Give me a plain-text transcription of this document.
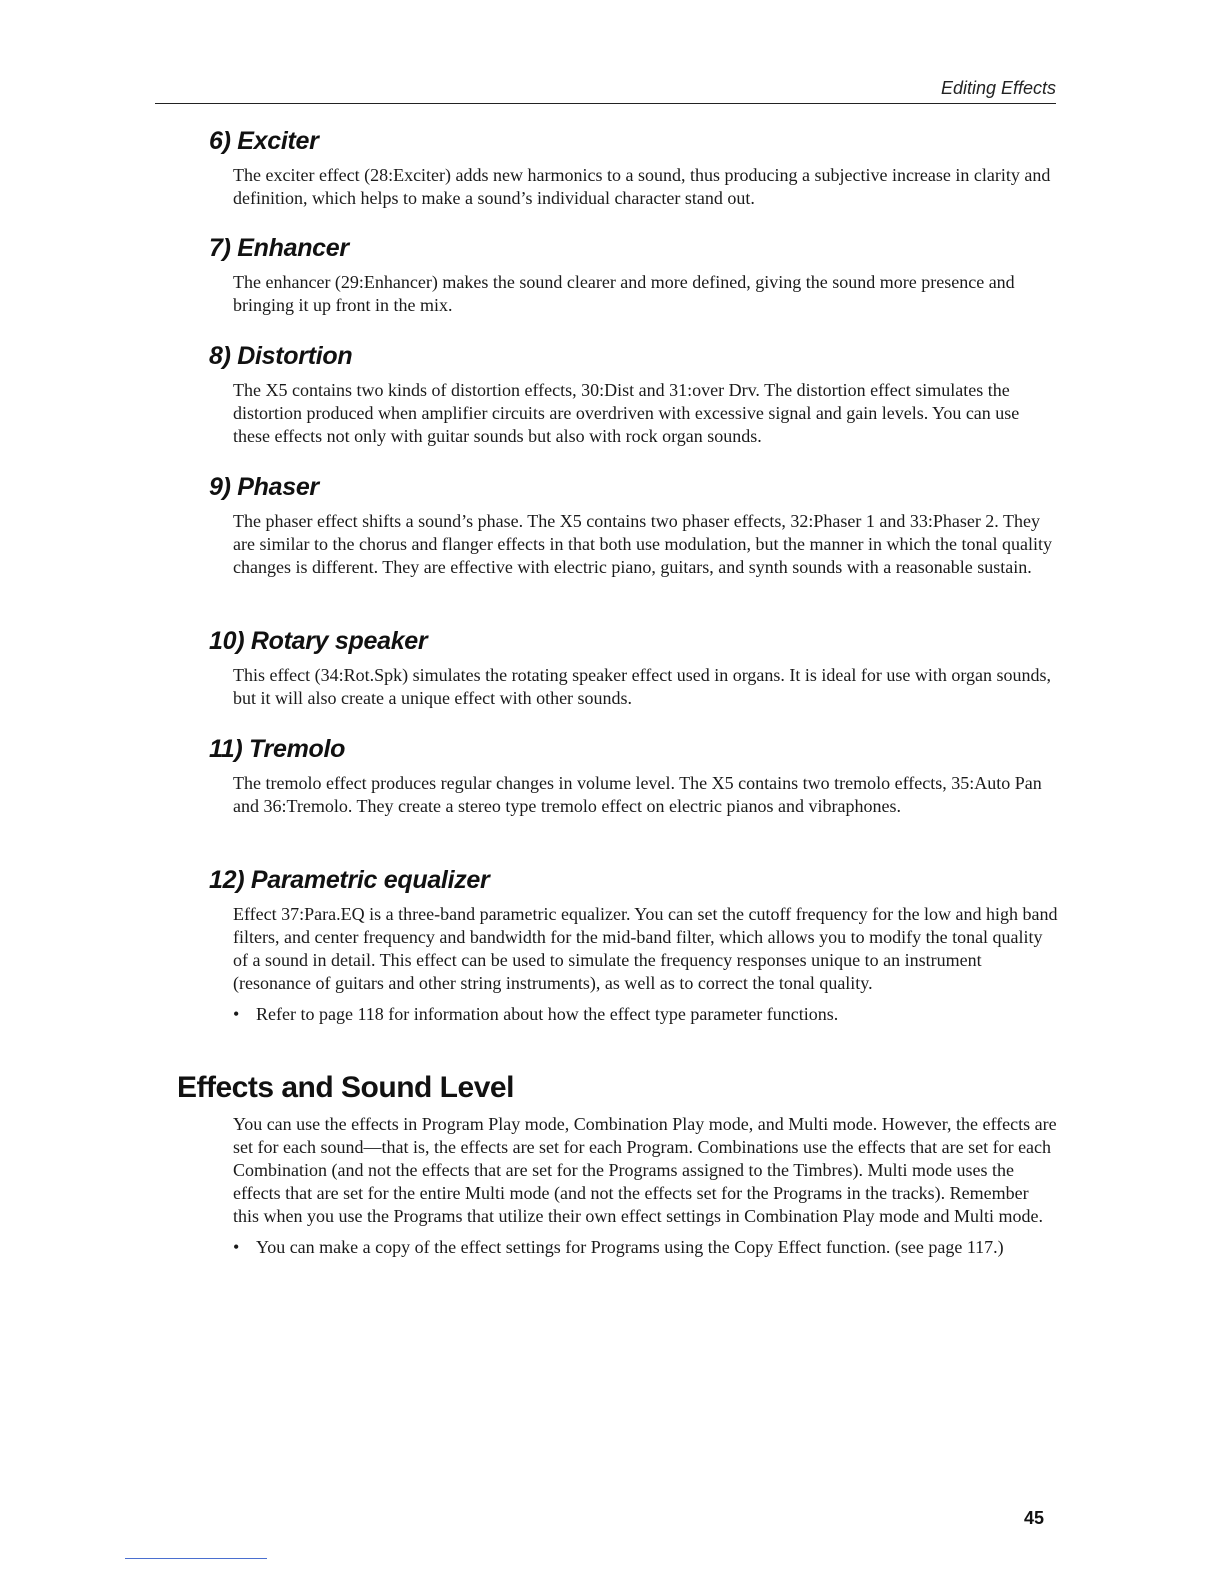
Editing Effects
6) Exciter

The exciter effect (28:Exciter) adds new harmonics to a sound, thus producing a subjective increase in clarity and definition, which helps to make a sound’s individual character stand out.

7) Enhancer

The enhancer (29:Enhancer) makes the sound clearer and more defined, giving the sound more presence and bringing it up front in the mix.

8) Distortion

The X5 contains two kinds of distortion effects, 30:Dist and 31:over Drv. The distortion effect simulates the distortion produced when amplifier circuits are overdriven with excessive signal and gain levels. You can use these effects not only with guitar sounds but also with rock organ sounds.

9) Phaser

The phaser effect shifts a sound’s phase. The X5 contains two phaser effects, 32:Phaser 1 and 33:Phaser 2. They are similar to the chorus and flanger effects in that both use modulation, but the manner in which the tonal quality changes is different. They are effective with electric piano, guitars, and synth sounds with a reasonable sustain.

10) Rotary speaker

This effect (34:Rot.Spk) simulates the rotating speaker effect used in organs. It is ideal for use with organ sounds, but it will also create a unique effect with other sounds.

11) Tremolo

The tremolo effect produces regular changes in volume level. The X5 contains two tremolo effects, 35:Auto Pan and 36:Tremolo. They create a stereo type tremolo effect on electric pianos and vibraphones.

12) Parametric equalizer

Effect 37:Para.EQ is a three-band parametric equalizer. You can set the cutoff frequency for the low and high band filters, and center frequency and bandwidth for the mid-band filter, which allows you to modify the tonal quality of a sound in detail. This effect can be used to simulate the frequency responses unique to an instrument (resonance of guitars and other string instruments), as well as to correct the tonal quality.

• Refer to page 118 for information about how the effect type parameter functions.
Effects and Sound Level

You can use the effects in Program Play mode, Combination Play mode, and Multi mode. However, the effects are set for each sound—that is, the effects are set for each Program. Combinations use the effects that are set for each Combination (and not the effects that are set for the Programs assigned to the Timbres). Multi mode uses the effects that are set for the entire Multi mode (and not the effects set for the Programs in the tracks). Remember this when you use the Programs that utilize their own effect settings in Combination Play mode and Multi mode.

• You can make a copy of the effect settings for Programs using the Copy Effect function. (see page 117.)
45
